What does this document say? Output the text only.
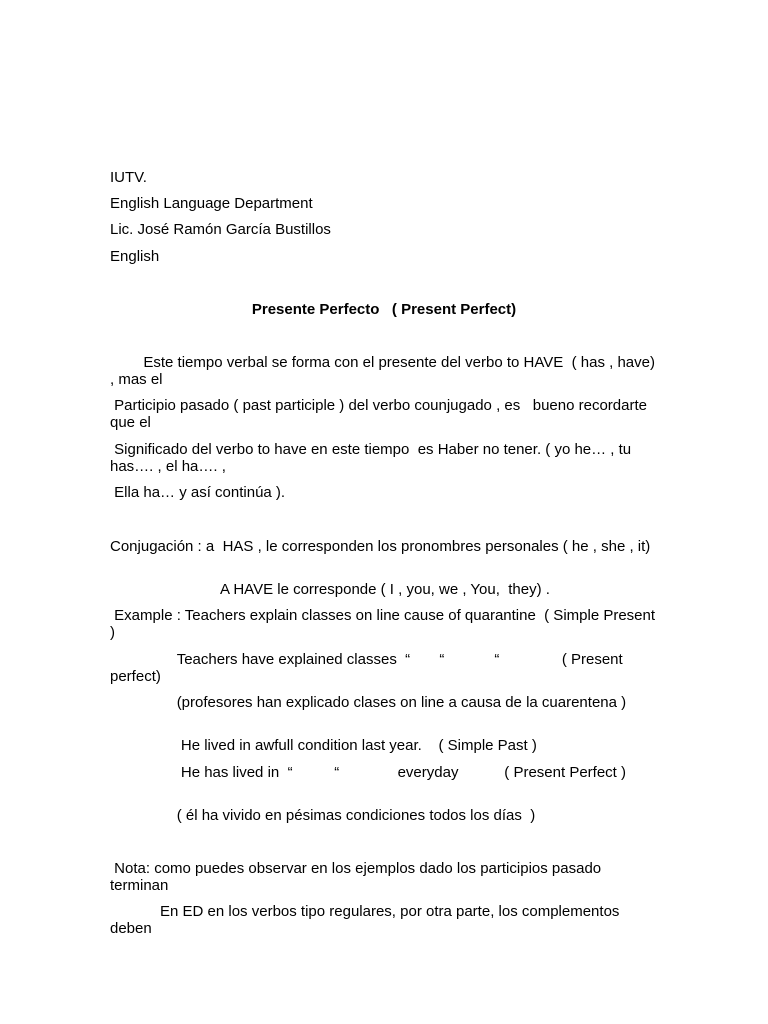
IUTV.

English Language Department

Lic. José Ramón García Bustillos

English

Presente Perfecto   ( Present Perfect)

Este tiempo verbal se forma con el presente del verbo to HAVE  ( has , have) , mas el

Participio pasado ( past participle ) del verbo counjugado , es   bueno recordarte    que el

Significado del verbo to have en este tiempo  es Haber no tener. ( yo he… , tu has…. , el ha…. ,

Ella ha… y así continúa ).

Conjugación : a  HAS , le corresponden los pronombres personales ( he , she , it)

A HAVE le corresponde ( I , you, we , You,  they) .

Example : Teachers explain classes on line cause of quarantine  ( Simple Present )

Teachers have explained classes  “       “            “               ( Present perfect)

(profesores han explicado clases on line a causa de la cuarentena )

He lived in awfull condition last year.    ( Simple Past )

He has lived in  “          “              everyday           ( Present Perfect )

( él ha vivido en pésimas condiciones todos los días  )

Nota: como puedes observar en los ejemplos dado los participios pasado terminan

En ED en los verbos tipo regulares, por otra parte, los complementos deben
